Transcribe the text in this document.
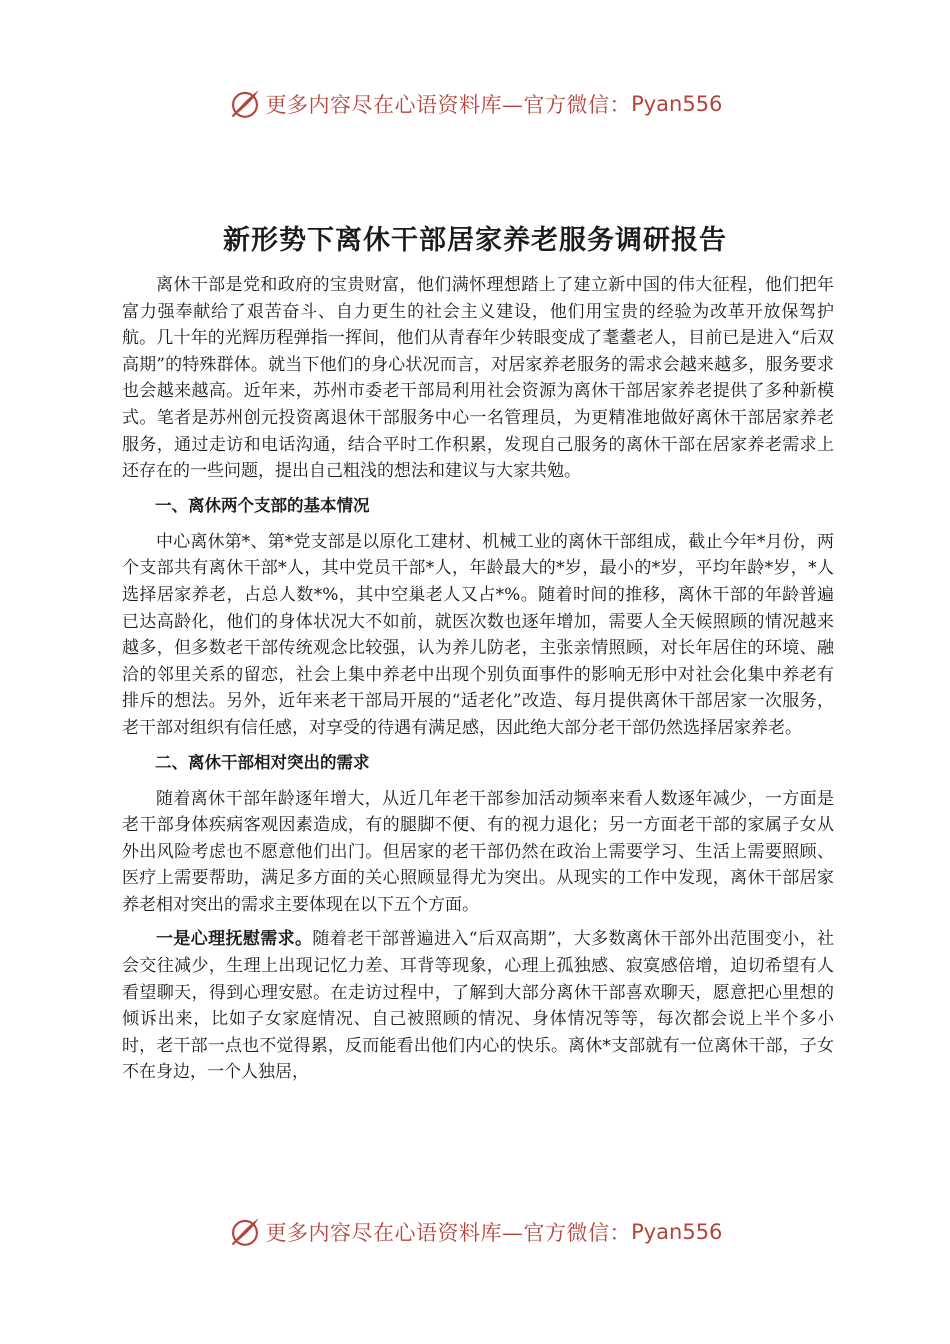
更多内容尽在心语资料库—官方微信： Pyan556
新形势下离休干部居家养老服务调研报告

离休干部是党和政府的宝贵财富，他们满怀理想踏上了建立新中国的伟大征程，他们把年富力强奉献给了艰苦奋斗、自力更生的社会主义建设，他们用宝贵的经验为改革开放保驾护航。几十年的光辉历程弹指一挥间，他们从青春年少转眼变成了耄耋老人，目前已是进入“后双高期”的特殊群体。就当下他们的身心状况而言，对居家养老服务的需求会越来越多，服务要求也会越来越高。近年来，苏州市委老干部局利用社会资源为离休干部居家养老提供了多种新模式。笔者是苏州创元投资离退休干部服务中心一名管理员，为更精准地做好离休干部居家养老服务，通过走访和电话沟通，结合平时工作积累，发现自己服务的离休干部在居家养老需求上还存在的一些问题，提出自己粗浅的想法和建议与大家共勉。

一、离休两个支部的基本情况

中心离休第*、第*党支部是以原化工建材、机械工业的离休干部组成，截止今年*月份，两个支部共有离休干部*人，其中党员干部*人，年龄最大的*岁，最小的*岁，平均年龄*岁，*人选择居家养老，占总人数*%，其中空巢老人又占*%。随着时间的推移，离休干部的年龄普遍已达高龄化，他们的身体状况大不如前，就医次数也逐年增加，需要人全天候照顾的情况越来越多，但多数老干部传统观念比较强，认为养儿防老，主张亲情照顾，对长年居住的环境、融洽的邻里关系的留恋，社会上集中养老中出现个别负面事件的影响无形中对社会化集中养老有排斥的想法。另外，近年来老干部局开展的“适老化”改造、每月提供离休干部居家一次服务，老干部对组织有信任感，对享受的待遇有满足感，因此绝大部分老干部仍然选择居家养老。

二、离休干部相对突出的需求

随着离休干部年龄逐年增大，从近几年老干部参加活动频率来看人数逐年减少，一方面是老干部身体疾病客观因素造成，有的腿脚不便、有的视力退化；另一方面老干部的家属子女从外出风险考虑也不愿意他们出门。但居家的老干部仍然在政治上需要学习、生活上需要照顾、医疗上需要帮助，满足多方面的关心照顾显得尤为突出。从现实的工作中发现，离休干部居家养老相对突出的需求主要体现在以下五个方面。

一是心理抚慰需求。随着老干部普遍进入“后双高期”，大多数离休干部外出范围变小，社会交往减少，生理上出现记忆力差、耳背等现象，心理上孤独感、寂寞感倍增，迫切希望有人看望聊天，得到心理安慰。在走访过程中，了解到大部分离休干部喜欢聊天，愿意把心里想的倾诉出来，比如子女家庭情况、自己被照顾的情况、身体情况等等，每次都会说上半个多小时，老干部一点也不觉得累，反而能看出他们内心的快乐。离休*支部就有一位离休干部，子女不在身边，一个人独居，

更多内容尽在心语资料库—官方微信： Pyan556
